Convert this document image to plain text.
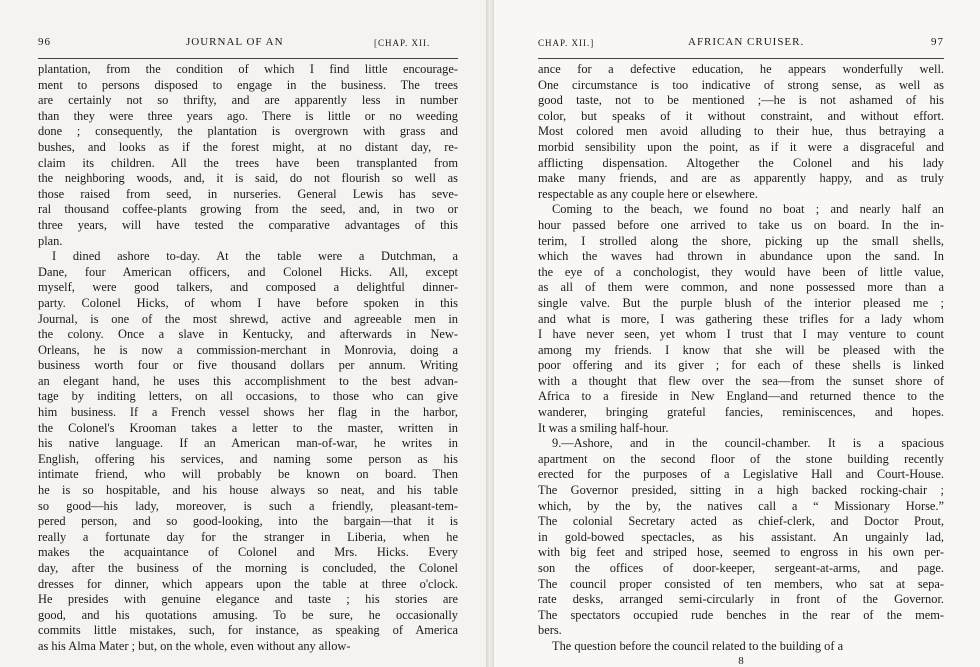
96	JOURNAL OF AN	[CHAP. XII.
plantation, from the condition of which I find little encourage-
ment to persons disposed to engage in the business. The trees
are certainly not so thrifty, and are apparently less in number
than they were three years ago. There is little or no weeding
done ; consequently, the plantation is overgrown with grass and
bushes, and looks as if the forest might, at no distant day, re-
claim its children. All the trees have been transplanted from
the neighboring woods, and, it is said, do not flourish so well as
those raised from seed, in nurseries. General Lewis has seve-
ral thousand coffee-plants growing from the seed, and, in two or
three years, will have tested the comparative advantages of this
plan.
I dined ashore to-day. At the table were a Dutchman, a
Dane, four American officers, and Colonel Hicks. All, except
myself, were good talkers, and composed a delightful dinner-
party. Colonel Hicks, of whom I have before spoken in this
Journal, is one of the most shrewd, active and agreeable men in
the colony. Once a slave in Kentucky, and afterwards in New-
Orleans, he is now a commission-merchant in Monrovia, doing a
business worth four or five thousand dollars per annum. Writing
an elegant hand, he uses this accomplishment to the best advan-
tage by inditing letters, on all occasions, to those who can give
him business. If a French vessel shows her flag in the harbor,
the Colonel's Krooman takes a letter to the master, written in
his native language. If an American man-of-war, he writes in
English, offering his services, and naming some person as his
intimate friend, who will probably be known on board. Then
he is so hospitable, and his house always so neat, and his table
so good—his lady, moreover, is such a friendly, pleasant-tem-
pered person, and so good-looking, into the bargain—that it is
really a fortunate day for the stranger in Liberia, when he
makes the acquaintance of Colonel and Mrs. Hicks. Every
day, after the business of the morning is concluded, the Colonel
dresses for dinner, which appears upon the table at three o'clock.
He presides with genuine elegance and taste ; his stories are
good, and his quotations amusing. To be sure, he occasionally
commits little mistakes, such, for instance, as speaking of America
as his Alma Mater ; but, on the whole, even without any allow-
CHAP. XII.]	AFRICAN CRUISER.	97
ance for a defective education, he appears wonderfully well.
One circumstance is too indicative of strong sense, as well as
good taste, not to be mentioned ;—he is not ashamed of his
color, but speaks of it without constraint, and without effort.
Most colored men avoid alluding to their hue, thus betraying a
morbid sensibility upon the point, as if it were a disgraceful and
afflicting dispensation. Altogether the Colonel and his lady
make many friends, and are as apparently happy, and as truly
respectable as any couple here or elsewhere.
Coming to the beach, we found no boat ; and nearly half an
hour passed before one arrived to take us on board. In the in-
terim, I strolled along the shore, picking up the small shells,
which the waves had thrown in abundance upon the sand. In
the eye of a conchologist, they would have been of little value,
as all of them were common, and none possessed more than a
single valve. But the purple blush of the interior pleased me ;
and what is more, I was gathering these trifles for a lady whom
I have never seen, yet whom I trust that I may venture to count
among my friends. I know that she will be pleased with the
poor offering and its giver ; for each of these shells is linked
with a thought that flew over the sea—from the sunset shore of
Africa to a fireside in New England—and returned thence to the
wanderer, bringing grateful fancies, reminiscences, and hopes.
It was a smiling half-hour.
9.—Ashore, and in the council-chamber. It is a spacious
apartment on the second floor of the stone building recently
erected for the purposes of a Legislative Hall and Court-House.
The Governor presided, sitting in a high backed rocking-chair ;
which, by the by, the natives call a “ Missionary Horse.”
The colonial Secretary acted as chief-clerk, and Doctor Prout,
in gold-bowed spectacles, as his assistant. An ungainly lad,
with big feet and striped hose, seemed to engross in his own per-
son the offices of door-keeper, sergeant-at-arms, and page.
The council proper consisted of ten members, who sat at sepa-
rate desks, arranged semi-circularly in front of the Governor.
The spectators occupied rude benches in the rear of the mem-
bers.
The question before the council related to the building of a
8
